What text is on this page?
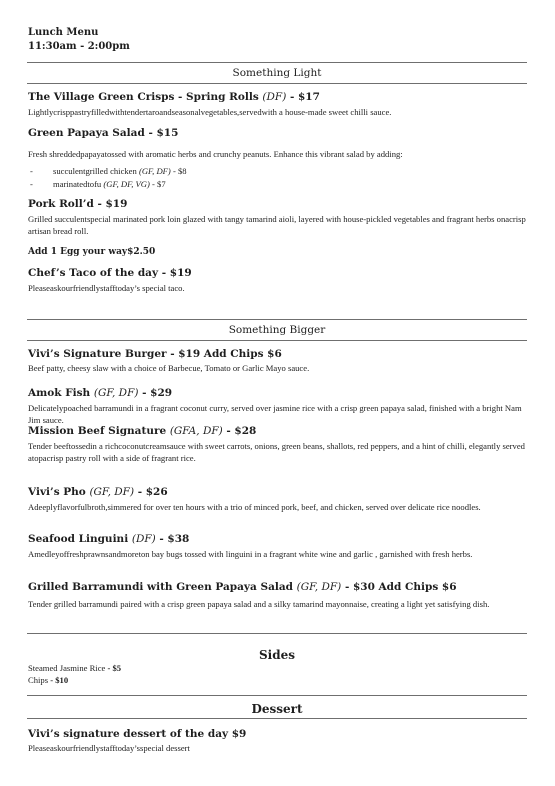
Lunch Menu
11:30am - 2:00pm
Something Light
The Village Green Crisps - Spring Rolls (DF) - $17
Lightlycrisppastryfilledwithtendertaroandseasonalvegetables,servedwith a house-made sweet chilli sauce.
Green Papaya Salad - $15
Fresh shreddedpapayatossed with aromatic herbs and crunchy peanuts. Enhance this vibrant salad by adding:
- succulentgrilled chicken (GF, DF) - $8
- marinatedtofu (GF, DF, VG) - $7
Pork Roll’d - $19
Grilled succulentspecial marinated pork loin glazed with tangy tamarind aioli, layered with house-pickled vegetables and fragrant herbs onacrisp artisan bread roll.
Add 1 Egg your way$2.50
Chef’s Taco of the day - $19
Pleaseaskourfriendlystafftoday’s special taco.
Something Bigger
Vivi’s Signature Burger - $19 Add Chips $6
Beef patty, cheesy slaw with a choice of Barbecue, Tomato or Garlic Mayo sauce.
Amok Fish (GF, DF) - $29
Delicatelypoached barramundi in a fragrant coconut curry, served over jasmine rice with a crisp green papaya salad, finished with a bright Nam Jim sauce.
Mission Beef Signature (GFA, DF) - $28
Tender beeftossedin a richcoconutcreamsauce with sweet carrots, onions, green beans, shallots, red peppers, and a hint of chilli, elegantly served atopacrisp pastry roll with a side of fragrant rice.
Vivi’s Pho (GF, DF) - $26
Adeeplyflavorfulbroth,simmered for over ten hours with a trio of minced pork, beef, and chicken, served over delicate rice noodles.
Seafood Linguini (DF) - $38
Amedleyoffreshprawnsandmoreton bay bugs tossed with linguini in a fragrant white wine and garlic , garnished with fresh herbs.
Grilled Barramundi with Green Papaya Salad (GF, DF) - $30 Add Chips $6
Tender grilled barramundi paired with a crisp green papaya salad and a silky tamarind mayonnaise, creating a light yet satisfying dish.
Sides
Steamed Jasmine Rice - $5
Chips - $10
Dessert
Vivi’s signature dessert of the day $9
Pleaseaskourfriendlystafftoday’sspecial dessert
